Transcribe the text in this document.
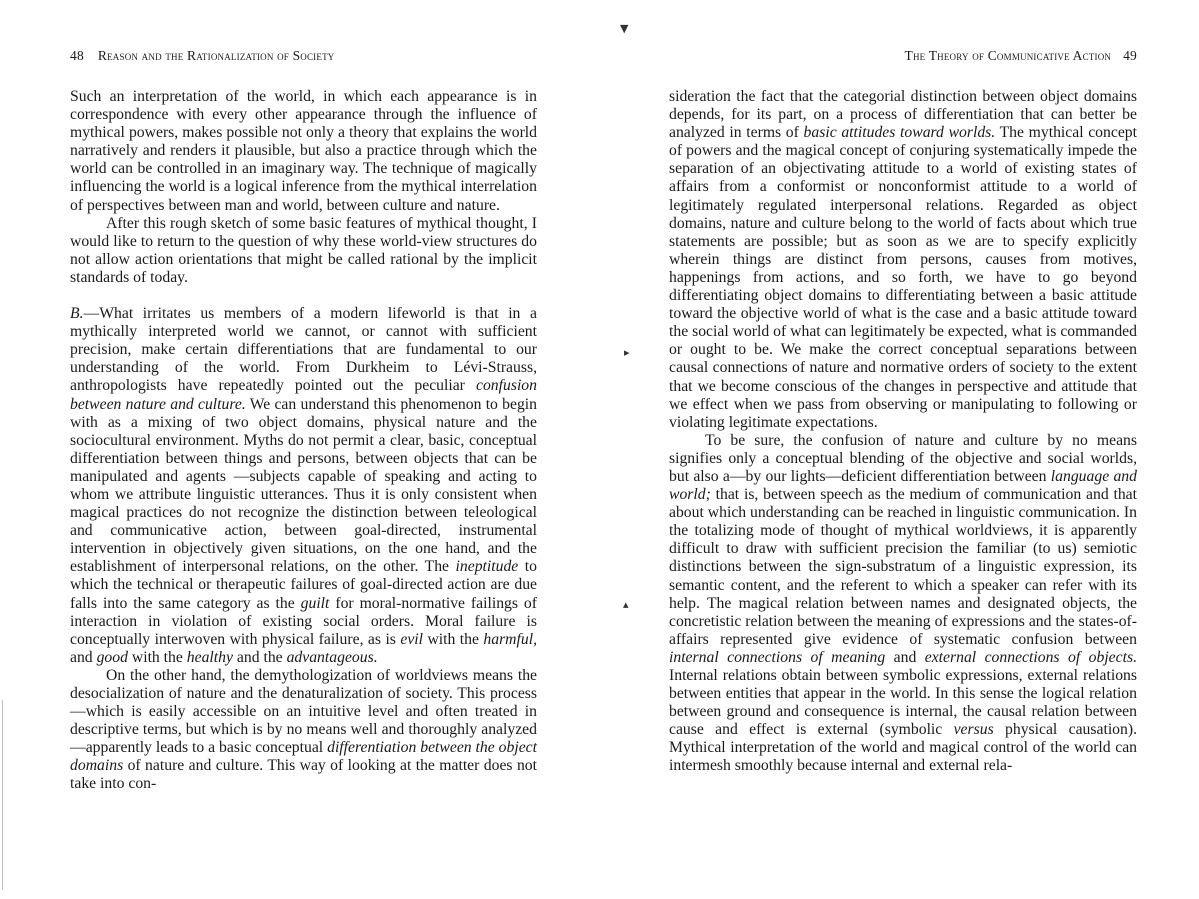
48 Reason and the Rationalization of Society

Such an interpretation of the world, in which each appearance is in correspondence with every other appearance through the influence of mythical powers, makes possible not only a theory that explains the world narratively and renders it plausible, but also a practice through which the world can be controlled in an imaginary way. The technique of magically influencing the world is a logical inference from the mythical interrelation of perspectives between man and world, between culture and nature.

After this rough sketch of some basic features of mythical thought, I would like to return to the question of why these world-view structures do not allow action orientations that might be called rational by the implicit standards of today.

B.—What irritates us members of a modern lifeworld is that in a mythically interpreted world we cannot, or cannot with sufficient precision, make certain differentiations that are fundamental to our understanding of the world. From Durkheim to Lévi-Strauss, anthropologists have repeatedly pointed out the peculiar confusion between nature and culture. We can understand this phenomenon to begin with as a mixing of two object domains, physical nature and the sociocultural environment. Myths do not permit a clear, basic, conceptual differentiation between things and persons, between objects that can be manipulated and agents —subjects capable of speaking and acting to whom we attribute linguistic utterances. Thus it is only consistent when magical practices do not recognize the distinction between teleological and communicative action, between goal-directed, instrumental intervention in objectively given situations, on the one hand, and the establishment of interpersonal relations, on the other. The ineptitude to which the technical or therapeutic failures of goal-directed action are due falls into the same category as the guilt for moral-normative failings of interaction in violation of existing social orders. Moral failure is conceptually interwoven with physical failure, as is evil with the harmful, and good with the healthy and the advantageous.

On the other hand, the demythologization of worldviews means the desocialization of nature and the denaturalization of society. This process—which is easily accessible on an intuitive level and often treated in descriptive terms, but which is by no means well and thoroughly analyzed—apparently leads to a basic conceptual differentiation between the object domains of nature and culture. This way of looking at the matter does not take into con-

The Theory of Communicative Action 49

sideration the fact that the categorial distinction between object domains depends, for its part, on a process of differentiation that can better be analyzed in terms of basic attitudes toward worlds. The mythical concept of powers and the magical concept of conjuring systematically impede the separation of an objectivating attitude to a world of existing states of affairs from a conformist or nonconformist attitude to a world of legitimately regulated interpersonal relations. Regarded as object domains, nature and culture belong to the world of facts about which true statements are possible; but as soon as we are to specify explicitly wherein things are distinct from persons, causes from motives, happenings from actions, and so forth, we have to go beyond differentiating object domains to differentiating between a basic attitude toward the objective world of what is the case and a basic attitude toward the social world of what can legitimately be expected, what is commanded or ought to be. We make the correct conceptual separations between causal connections of nature and normative orders of society to the extent that we become conscious of the changes in perspective and attitude that we effect when we pass from observing or manipulating to following or violating legitimate expectations.

To be sure, the confusion of nature and culture by no means signifies only a conceptual blending of the objective and social worlds, but also a—by our lights—deficient differentiation between language and world; that is, between speech as the medium of communication and that about which understanding can be reached in linguistic communication. In the totalizing mode of thought of mythical worldviews, it is apparently difficult to draw with sufficient precision the familiar (to us) semiotic distinctions between the sign-substratum of a linguistic expression, its semantic content, and the referent to which a speaker can refer with its help. The magical relation between names and designated objects, the concretistic relation between the meaning of expressions and the states-of-affairs represented give evidence of systematic confusion between internal connections of meaning and external connections of objects. Internal relations obtain between symbolic expressions, external relations between entities that appear in the world. In this sense the logical relation between ground and consequence is internal, the causal relation between cause and effect is external (symbolic versus physical causation). Mythical interpretation of the world and magical control of the world can intermesh smoothly because internal and external rela-

▼
▸
▴
